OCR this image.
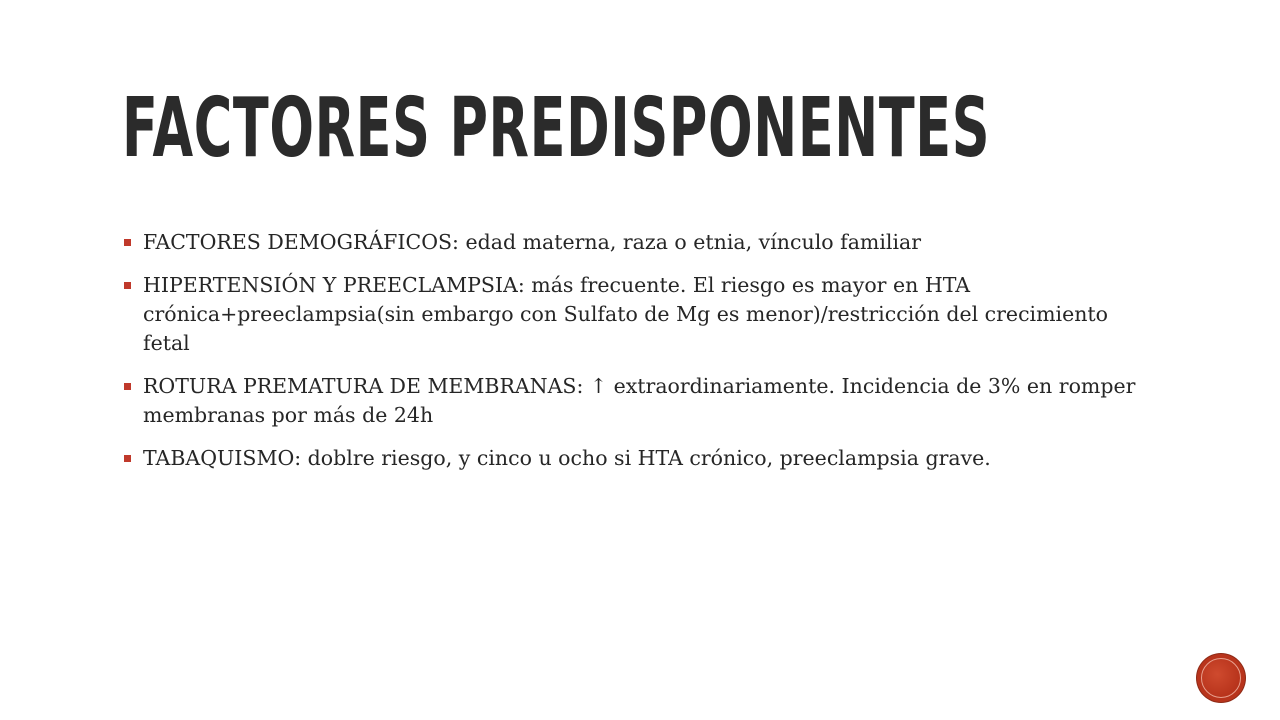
FACTORES PREDISPONENTES
FACTORES DEMOGRÁFICOS: edad materna, raza o etnia, vínculo familiar
HIPERTENSIÓN Y PREECLAMPSIA: más frecuente. El riesgo es mayor en HTA crónica+preeclampsia(sin embargo con Sulfato de Mg es menor)/restricción del crecimiento fetal
ROTURA PREMATURA DE MEMBRANAS: ↑ extraordinariamente. Incidencia de 3% en romper membranas por más de 24h
TABAQUISMO: doblre riesgo, y cinco u ocho si HTA crónico, preeclampsia grave.
